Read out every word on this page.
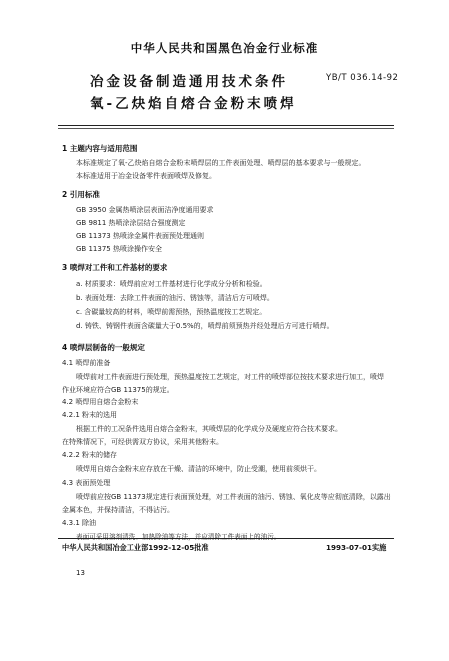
中华人民共和国黑色冶金行业标准
冶金设备制造通用技术条件
氧-乙炔焰自熔合金粉末喷焊
YB/T 036.14-92
1 主题内容与适用范围
本标准规定了氧-乙炔焰自熔合金粉末喷焊层的工件表面处理、喷焊层的基本要求与一般规定。
本标准适用于冶金设备零件表面喷焊及修复。
2 引用标准
GB 3950 金属热喷涂层表面洁净度通用要求
GB 9811 热喷涂涂层结合强度测定
GB 11373 热喷涂金属件表面预处理通则
GB 11375 热喷涂操作安全
3 喷焊对工件和工件基材的要求
a. 材质要求：喷焊前应对工件基材进行化学成分分析和检验。
b. 表面处理：去除工件表面的油污、锈蚀等，清洁后方可喷焊。
c. 含碳量较高的材料，喷焊前需预热，预热温度按工艺规定。
d. 铸铁、铸钢件表面含碳量大于0.5%的，喷焊前须预热并经处理后方可进行喷焊。
4 喷焊层制备的一般规定
4.1 喷焊前准备
喷焊前对工件表面进行预处理，预热温度按工艺规定，对工件的喷焊部位按技术要求进行加工，喷焊
作业环境应符合GB 11375的规定。
4.2 喷焊用自熔合金粉末
4.2.1 粉末的选用
根据工件的工况条件选用自熔合金粉末，其喷焊层的化学成分及硬度应符合技术要求。
在特殊情况下，可经供需双方协议，采用其他粉末。
4.2.2 粉末的储存
喷焊用自熔合金粉末应存放在干燥、清洁的环境中，防止受潮，使用前须烘干。
4.3 表面预处理
喷焊前应按GB 11373规定进行表面预处理，对工件表面的油污、锈蚀、氧化皮等应彻底清除，以露出
金属本色，并保持清洁，不得沾污。
4.3.1 除油
表面可采用溶剂清洗、加热除油等方法，并应清除工件表面上的油污。
中华人民共和国冶金工业部1992-12-05批准	1993-07-01实施
13
